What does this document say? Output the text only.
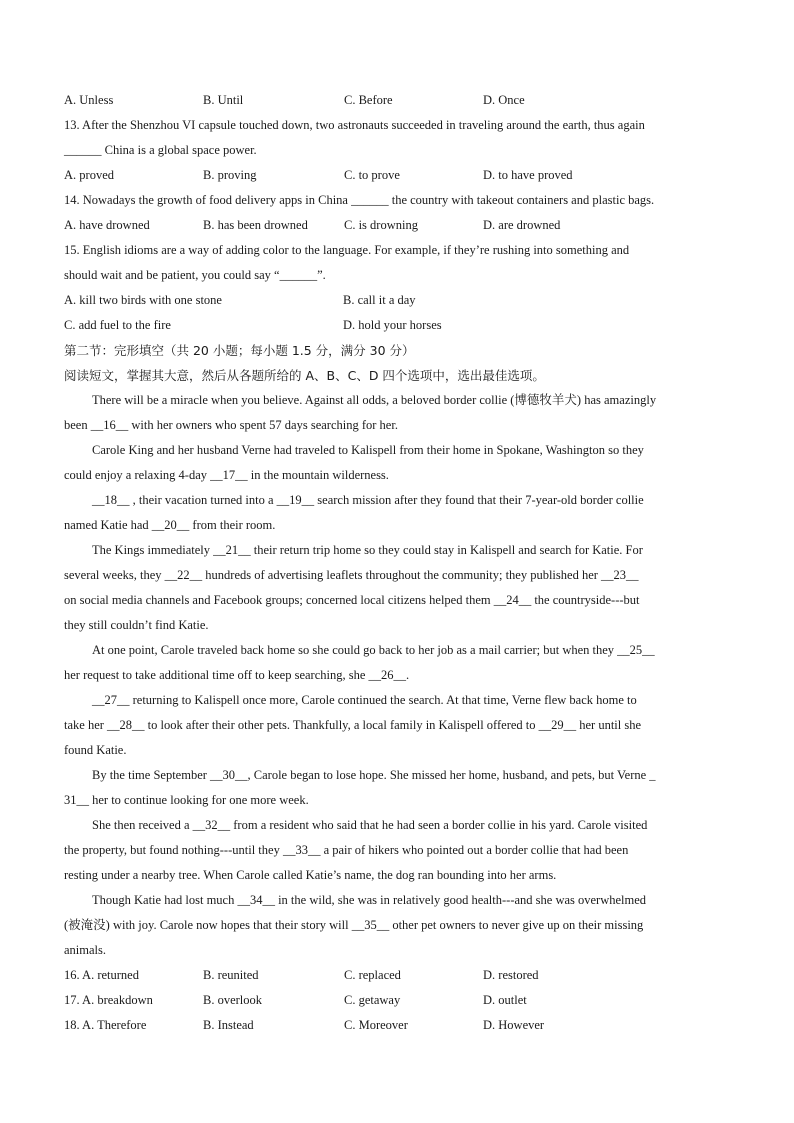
A. Unless	B. Until	C. Before	D. Once
13. After the Shenzhou VI capsule touched down, two astronauts succeeded in traveling around the earth, thus again
______ China is a global space power.
A. proved	B. proving	C. to prove	D. to have proved
14. Nowadays the growth of food delivery apps in China ______ the country with takeout containers and plastic bags.
A. have drowned	B. has been drowned	C. is drowning	D. are drowned
15. English idioms are a way of adding color to the language. For example, if they’re rushing into something and
should wait and be patient, you could say “______”.
A. kill two birds with one stone	B. call it a day
C. add fuel to the fire	D. hold your horses
第二节：完形填空（共 20 小题；每小题 1.5 分，满分 30 分）
阅读短文，掌握其大意，然后从各题所给的 A、B、C、D 四个选项中，选出最佳选项。
There will be a miracle when you believe. Against all odds, a beloved border collie (博德牧羊犬) has amazingly
been __16__ with her owners who spent 57 days searching for her.
Carole King and her husband Verne had traveled to Kalispell from their home in Spokane, Washington so they
could enjoy a relaxing 4-day __17__ in the mountain wilderness.
__18__ , their vacation turned into a __19__ search mission after they found that their 7-year-old border collie
named Katie had __20__ from their room.
The Kings immediately __21__ their return trip home so they could stay in Kalispell and search for Katie. For
several weeks, they __22__ hundreds of advertising leaflets throughout the community; they published her __23__
on social media channels and Facebook groups; concerned local citizens helped them __24__ the countryside---but
they still couldn’t find Katie.
At one point, Carole traveled back home so she could go back to her job as a mail carrier; but when they __25__
her request to take additional time off to keep searching, she __26__.
__27__ returning to Kalispell once more, Carole continued the search. At that time, Verne flew back home to
take her __28__ to look after their other pets. Thankfully, a local family in Kalispell offered to __29__ her until she
found Katie.
By the time September __30__, Carole began to lose hope. She missed her home, husband, and pets, but Verne _
31__ her to continue looking for one more week.
She then received a __32__ from a resident who said that he had seen a border collie in his yard. Carole visited
the property, but found nothing---until they __33__ a pair of hikers who pointed out a border collie that had been
resting under a nearby tree. When Carole called Katie’s name, the dog ran bounding into her arms.
Though Katie had lost much __34__ in the wild, she was in relatively good health---and she was overwhelmed
(被淹没) with joy. Carole now hopes that their story will __35__ other pet owners to never give up on their missing
animals.
16. A. returned	B. reunited	C. replaced	D. restored
17. A. breakdown	B. overlook	C. getaway	D. outlet
18. A. Therefore	B. Instead	C. Moreover	D. However
